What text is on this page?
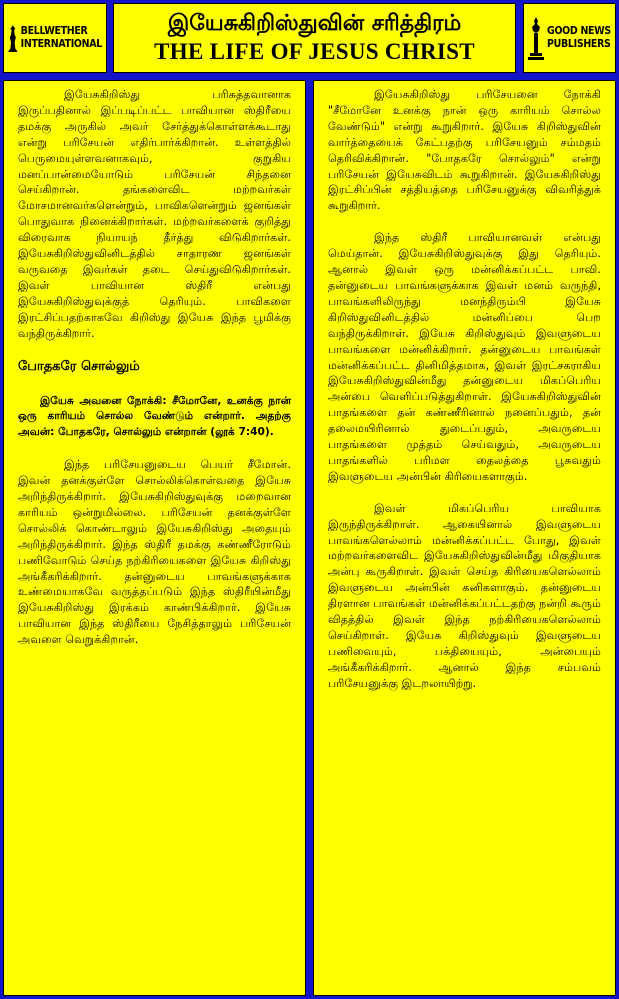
BELLWETHER
INTERNATIONAL
இயேசுகிறிஸ்துவின் சரித்திரம்
THE LIFE OF JESUS CHRIST
GOOD NEWS
PUBLISHERS

இயேசுகிறிஸ்து பரிசுத்தவானாக இருப்பதினால் இப்படிப்பட்ட பாவியான ஸ்திரீயை தமக்கு அருகில் அவர் சேர்த்துக்கொள்ளக்கூடாது என்று பரிசேயன் எதிர்பார்க்கிறான். உள்ளத்தில் பெருமையுள்ளவனாகவும், குறுகிய மனப்பான்மையோடும் பரிசேயன் சிந்தனை செய்கிறான். தங்களைவிட மற்றவர்கள் மோசமானவர்களென்றும், பாவிகளென்றும் ஜனங்கள் பொதுவாக நினைக்கிறார்கள். மற்றவர்களைக் குறித்து விரைவாக நியாயந் தீர்த்து விடுகிறார்கள். இயேசுகிறிஸ்துவினிடத்தில் சாதாரண ஜனங்கள் வருவதை இவர்கள் தடை செய்துவிடுகிறார்கள். இவள் பாவியான ஸ்திரீ என்பது இயேசுகிறிஸ்துவுக்குத் தெரியும். பாவிகளை இரட்சிப்பதற்காகவே கிறிஸ்து இயேசு இந்த பூமிக்கு வந்திருக்கிறார்.

போதகரே சொல்லும்

இயேசு அவனை நோக்கி: சீமோனே, உனக்கு நான் ஒரு காரியம் சொல்ல வேண்டும் என்றார். அதற்கு அவன்: போதகரே, சொல்லும் என்றான் (லூக் 7:40).

இந்த பரிசேயனுடைய பெயர் சீமோன். இவன் தனக்குள்ளே சொல்லிக்கொள்வதை இயேசு அறிந்திருக்கிறார். இயேசுகிறிஸ்துவுக்கு மறைவான காரியம் ஒன்றுமில்லை. பரிசேயன் தனக்குள்ளே சொல்லிக் கொண்டாலும் இயேசுகிறிஸ்து அதையும் அறிந்திருக்கிறார். இந்த ஸ்திரீ தமக்கு கண்ணீரோடும் பணிவோடும் செய்த நற்கிரியைகளை இயேசு கிறிஸ்து அங்கீகரிக்கிறார். தன்னுடைய பாவங்களுக்காக உண்மையாகவே வருத்தப்படும் இந்த ஸ்திரீயின்மீது இயேசுகிறிஸ்து இரக்கம் காண்பிக்கிறார். இயேசு பாவியான இந்த ஸ்திரீயை நேசித்தாலும் பரிசேயன் அவளை வெறுக்கிறான்.

இயேசுகிறிஸ்து பரிசேயனை நோக்கி "சீமோனே உனக்கு நான் ஒரு காரியம் சொல்ல வேண்டும்" என்று கூறுகிறார். இயேசு கிறிஸ்துவின் வார்த்தையைக் கேட்பதற்கு பரிசேயனும் சம்மதம் தெரிவிக்கிறான். "போதகரே சொல்லும்" என்று பரிசேயன் இயேசுவிடம் கூறுகிறான். இயேசுகிறிஸ்து இரட்சிப்பின் சத்தியத்தை பரிசேயனுக்கு விவரித்துக் கூறுகிறார்.

இந்த ஸ்திரீ பாவியானவள் என்பது மெய்தான். இயேசுகிறிஸ்துவுக்கு இது தெரியும். ஆனால் இவள் ஒரு மன்னிக்கப்பட்ட பாவி. தன்னுடைய பாவங்களுக்காக இவள் மனம் வருந்தி, பாவங்களிலிருந்து மனந்திரும்பி இயேசு கிறிஸ்துவினிடத்தில் மன்னிப்பை பெற வந்திருக்கிறாள். இயேசு கிறிஸ்துவும் இவளுடைய பாவங்களை மன்னிக்கிறார். தன்னுடைய பாவங்கள் மன்னிக்கப்பட்ட தினிமித்தமாக, இவள் இரட்சகராகிய இயேசுகிறிஸ்துவின்மீது தன்னுடைய மிகப்பெரிய அன்பை வெளிப்படுத்துகிறாள். இயேசுகிறிஸ்துவின் பாதங்களை தன் கண்ணீரினால் நனைப்பதும், தன் தலைமயிரினால் துடைப்பதும், அவருடைய பாதங்களை முத்தம் செய்வதும், அவருடைய பாதங்களில் பரிமள தைலத்தை பூசுவதும் இவளுடைய அன்பின் கிரியைகளாகும்.

இவள் மிகப்பெரிய பாவியாக இருந்திருக்கிறாள். ஆகையினால் இவளுடைய பாவங்களெல்லாம் மன்னிக்கப்பட்ட போது, இவள் மற்றவர்களைவிட இயேசுகிறிஸ்துவின்மீது மிகுதியாக அன்பு கூருகிறாள். இவள் செய்த கிரியைகளெல்லாம் இவளுடைய அன்பின் கனிகளாகும். தன்னுடைய திரளான பாவங்கள் மன்னிக்கப்பட்டதற்கு நன்றி கூரும் விதத்தில் இவள் இந்த நற்கிரியைகளெல்லாம் செய்கிறாள். இயேசு கிறிஸ்துவும் இவளுடைய பணிவையும், பக்தியையும், அன்பையும் அங்கீகரிக்கிறார். ஆனால் இந்த சம்பவம் பரிசேயனுக்கு இடறலாயிற்று.
